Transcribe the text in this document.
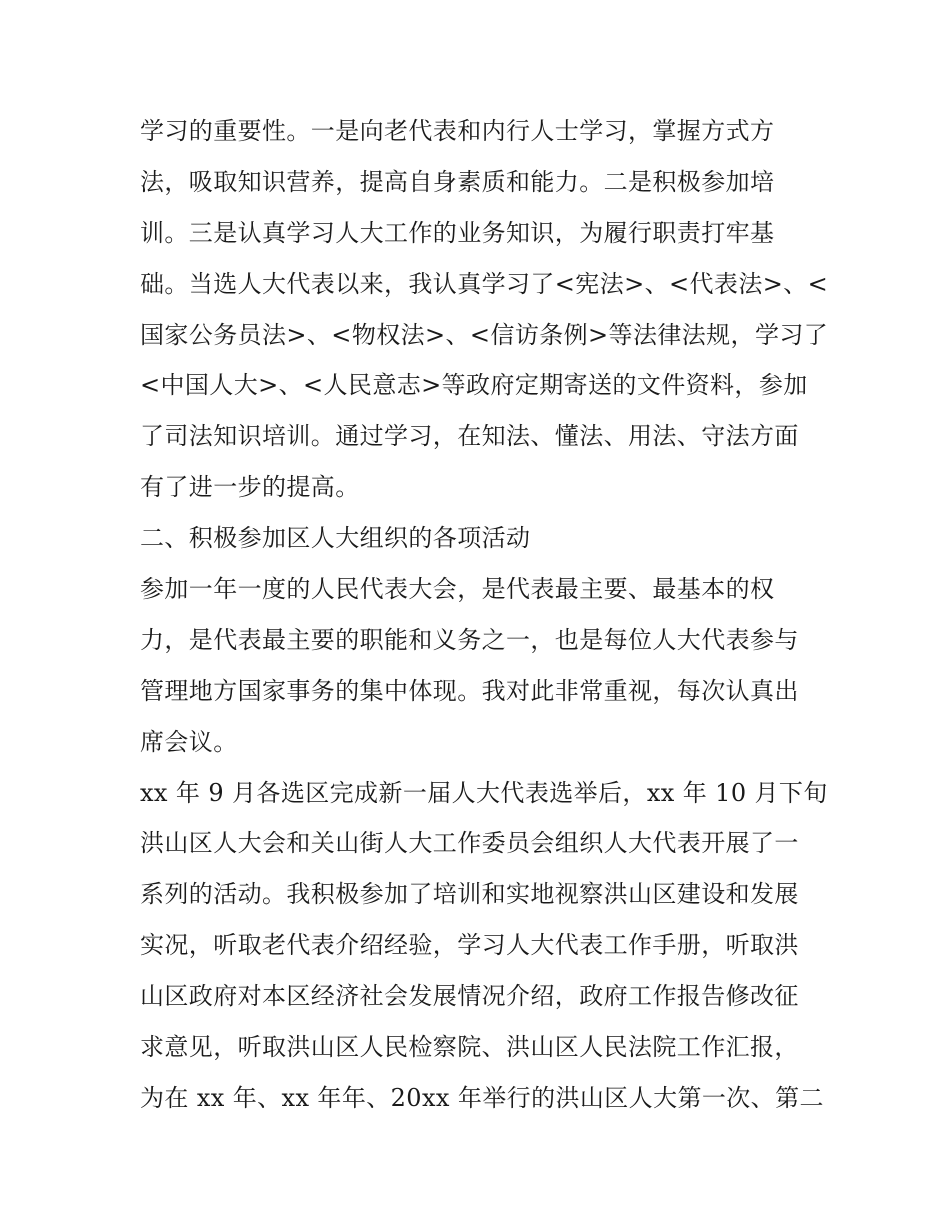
学习的重要性。一是向老代表和内行人士学习，掌握方式方
法，吸取知识营养，提高自身素质和能力。二是积极参加培
训。三是认真学习人大工作的业务知识，为履行职责打牢基
础。当选人大代表以来，我认真学习了<宪法>、<代表法>、<
国家公务员法>、<物权法>、<信访条例>等法律法规，学习了
<中国人大>、<人民意志>等政府定期寄送的文件资料，参加
了司法知识培训。通过学习，在知法、懂法、用法、守法方面
有了进一步的提高。
二、积极参加区人大组织的各项活动
参加一年一度的人民代表大会，是代表最主要、最基本的权
力，是代表最主要的职能和义务之一，也是每位人大代表参与
管理地方国家事务的集中体现。我对此非常重视，每次认真出
席会议。
xx 年 9 月各选区完成新一届人大代表选举后，xx 年 10 月下旬
洪山区人大会和关山街人大工作委员会组织人大代表开展了一
系列的活动。我积极参加了培训和实地视察洪山区建设和发展
实况，听取老代表介绍经验，学习人大代表工作手册，听取洪
山区政府对本区经济社会发展情况介绍，政府工作报告修改征
求意见，听取洪山区人民检察院、洪山区人民法院工作汇报，
为在 xx 年、xx 年年、20xx 年举行的洪山区人大第一次、第二
